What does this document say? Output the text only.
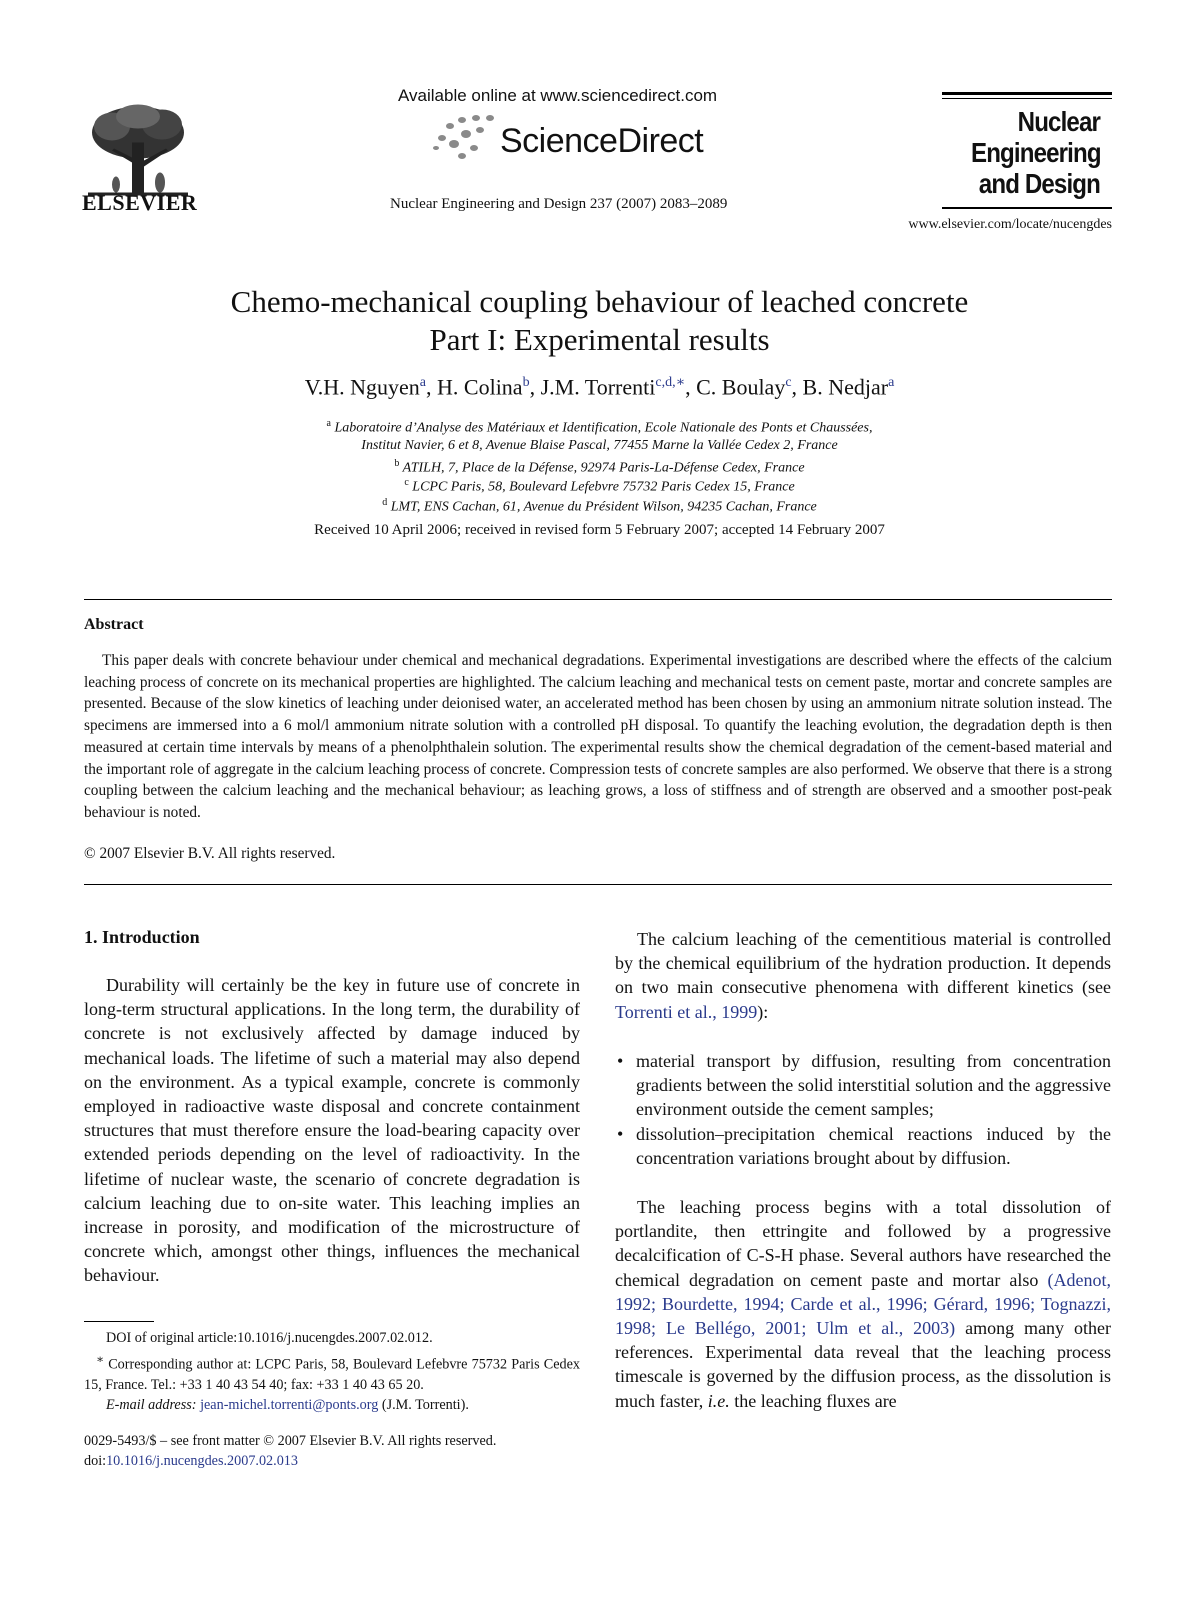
ELSEVIER
Available online at www.sciencedirect.com
ScienceDirect
Nuclear Engineering and Design 237 (2007) 2083–2089
Nuclear
Engineering
and Design
www.elsevier.com/locate/nucengdes
Chemo-mechanical coupling behaviour of leached concrete
Part I: Experimental results
V.H. Nguyen$^a$, H. Colina$^b$, J.M. Torrenti$^{c,d,∗}$, C. Boulay$^c$, B. Nedjar$^a$
$^a$ Laboratoire d’Analyse des Matériaux et Identification, Ecole Nationale des Ponts et Chaussées,
Institut Navier, 6 et 8, Avenue Blaise Pascal, 77455 Marne la Vallée Cedex 2, France
$^b$ ATILH, 7, Place de la Défense, 92974 Paris-La-Défense Cedex, France
$^c$ LCPC Paris, 58, Boulevard Lefebvre 75732 Paris Cedex 15, France
$^d$ LMT, ENS Cachan, 61, Avenue du Président Wilson, 94235 Cachan, France
Received 10 April 2006; received in revised form 5 February 2007; accepted 14 February 2007
Abstract
This paper deals with concrete behaviour under chemical and mechanical degradations. Experimental investigations are described where the effects of the calcium leaching process of concrete on its mechanical properties are highlighted. The calcium leaching and mechanical tests on cement paste, mortar and concrete samples are presented. Because of the slow kinetics of leaching under deionised water, an accelerated method has been chosen by using an ammonium nitrate solution instead. The specimens are immersed into a 6 mol/l ammonium nitrate solution with a controlled pH disposal. To quantify the leaching evolution, the degradation depth is then measured at certain time intervals by means of a phenolphthalein solution. The experimental results show the chemical degradation of the cement-based material and the important role of aggregate in the calcium leaching process of concrete. Compression tests of concrete samples are also performed. We observe that there is a strong coupling between the calcium leaching and the mechanical behaviour; as leaching grows, a loss of stiffness and of strength are observed and a smoother post-peak behaviour is noted.
© 2007 Elsevier B.V. All rights reserved.
1. Introduction
Durability will certainly be the key in future use of concrete in long-term structural applications. In the long term, the durability of concrete is not exclusively affected by damage induced by mechanical loads. The lifetime of such a material may also depend on the environment. As a typical example, concrete is commonly employed in radioactive waste disposal and concrete containment structures that must therefore ensure the load-bearing capacity over extended periods depending on the level of radioactivity. In the lifetime of nuclear waste, the scenario of concrete degradation is calcium leaching due to on-site water. This leaching implies an increase in porosity, and modification of the microstructure of concrete which, amongst other things, influences the mechanical behaviour.
DOI of original article:10.1016/j.nucengdes.2007.02.012.
∗ Corresponding author at: LCPC Paris, 58, Boulevard Lefebvre 75732 Paris Cedex 15, France. Tel.: +33 1 40 43 54 40; fax: +33 1 40 43 65 20.
E-mail address: jean-michel.torrenti@ponts.org (J.M. Torrenti).
0029-5493/$ – see front matter © 2007 Elsevier B.V. All rights reserved.
doi:10.1016/j.nucengdes.2007.02.013
The calcium leaching of the cementitious material is controlled by the chemical equilibrium of the hydration production. It depends on two main consecutive phenomena with different kinetics (see Torrenti et al., 1999):
• material transport by diffusion, resulting from concentration gradients between the solid interstitial solution and the aggressive environment outside the cement samples;
• dissolution–precipitation chemical reactions induced by the concentration variations brought about by diffusion.
The leaching process begins with a total dissolution of portlandite, then ettringite and followed by a progressive decalcification of C-S-H phase. Several authors have researched the chemical degradation on cement paste and mortar also (Adenot, 1992; Bourdette, 1994; Carde et al., 1996; Gérard, 1996; Tognazzi, 1998; Le Bellégo, 2001; Ulm et al., 2003) among many other references. Experimental data reveal that the leaching process timescale is governed by the diffusion process, as the dissolution is much faster, i.e. the leaching fluxes are
